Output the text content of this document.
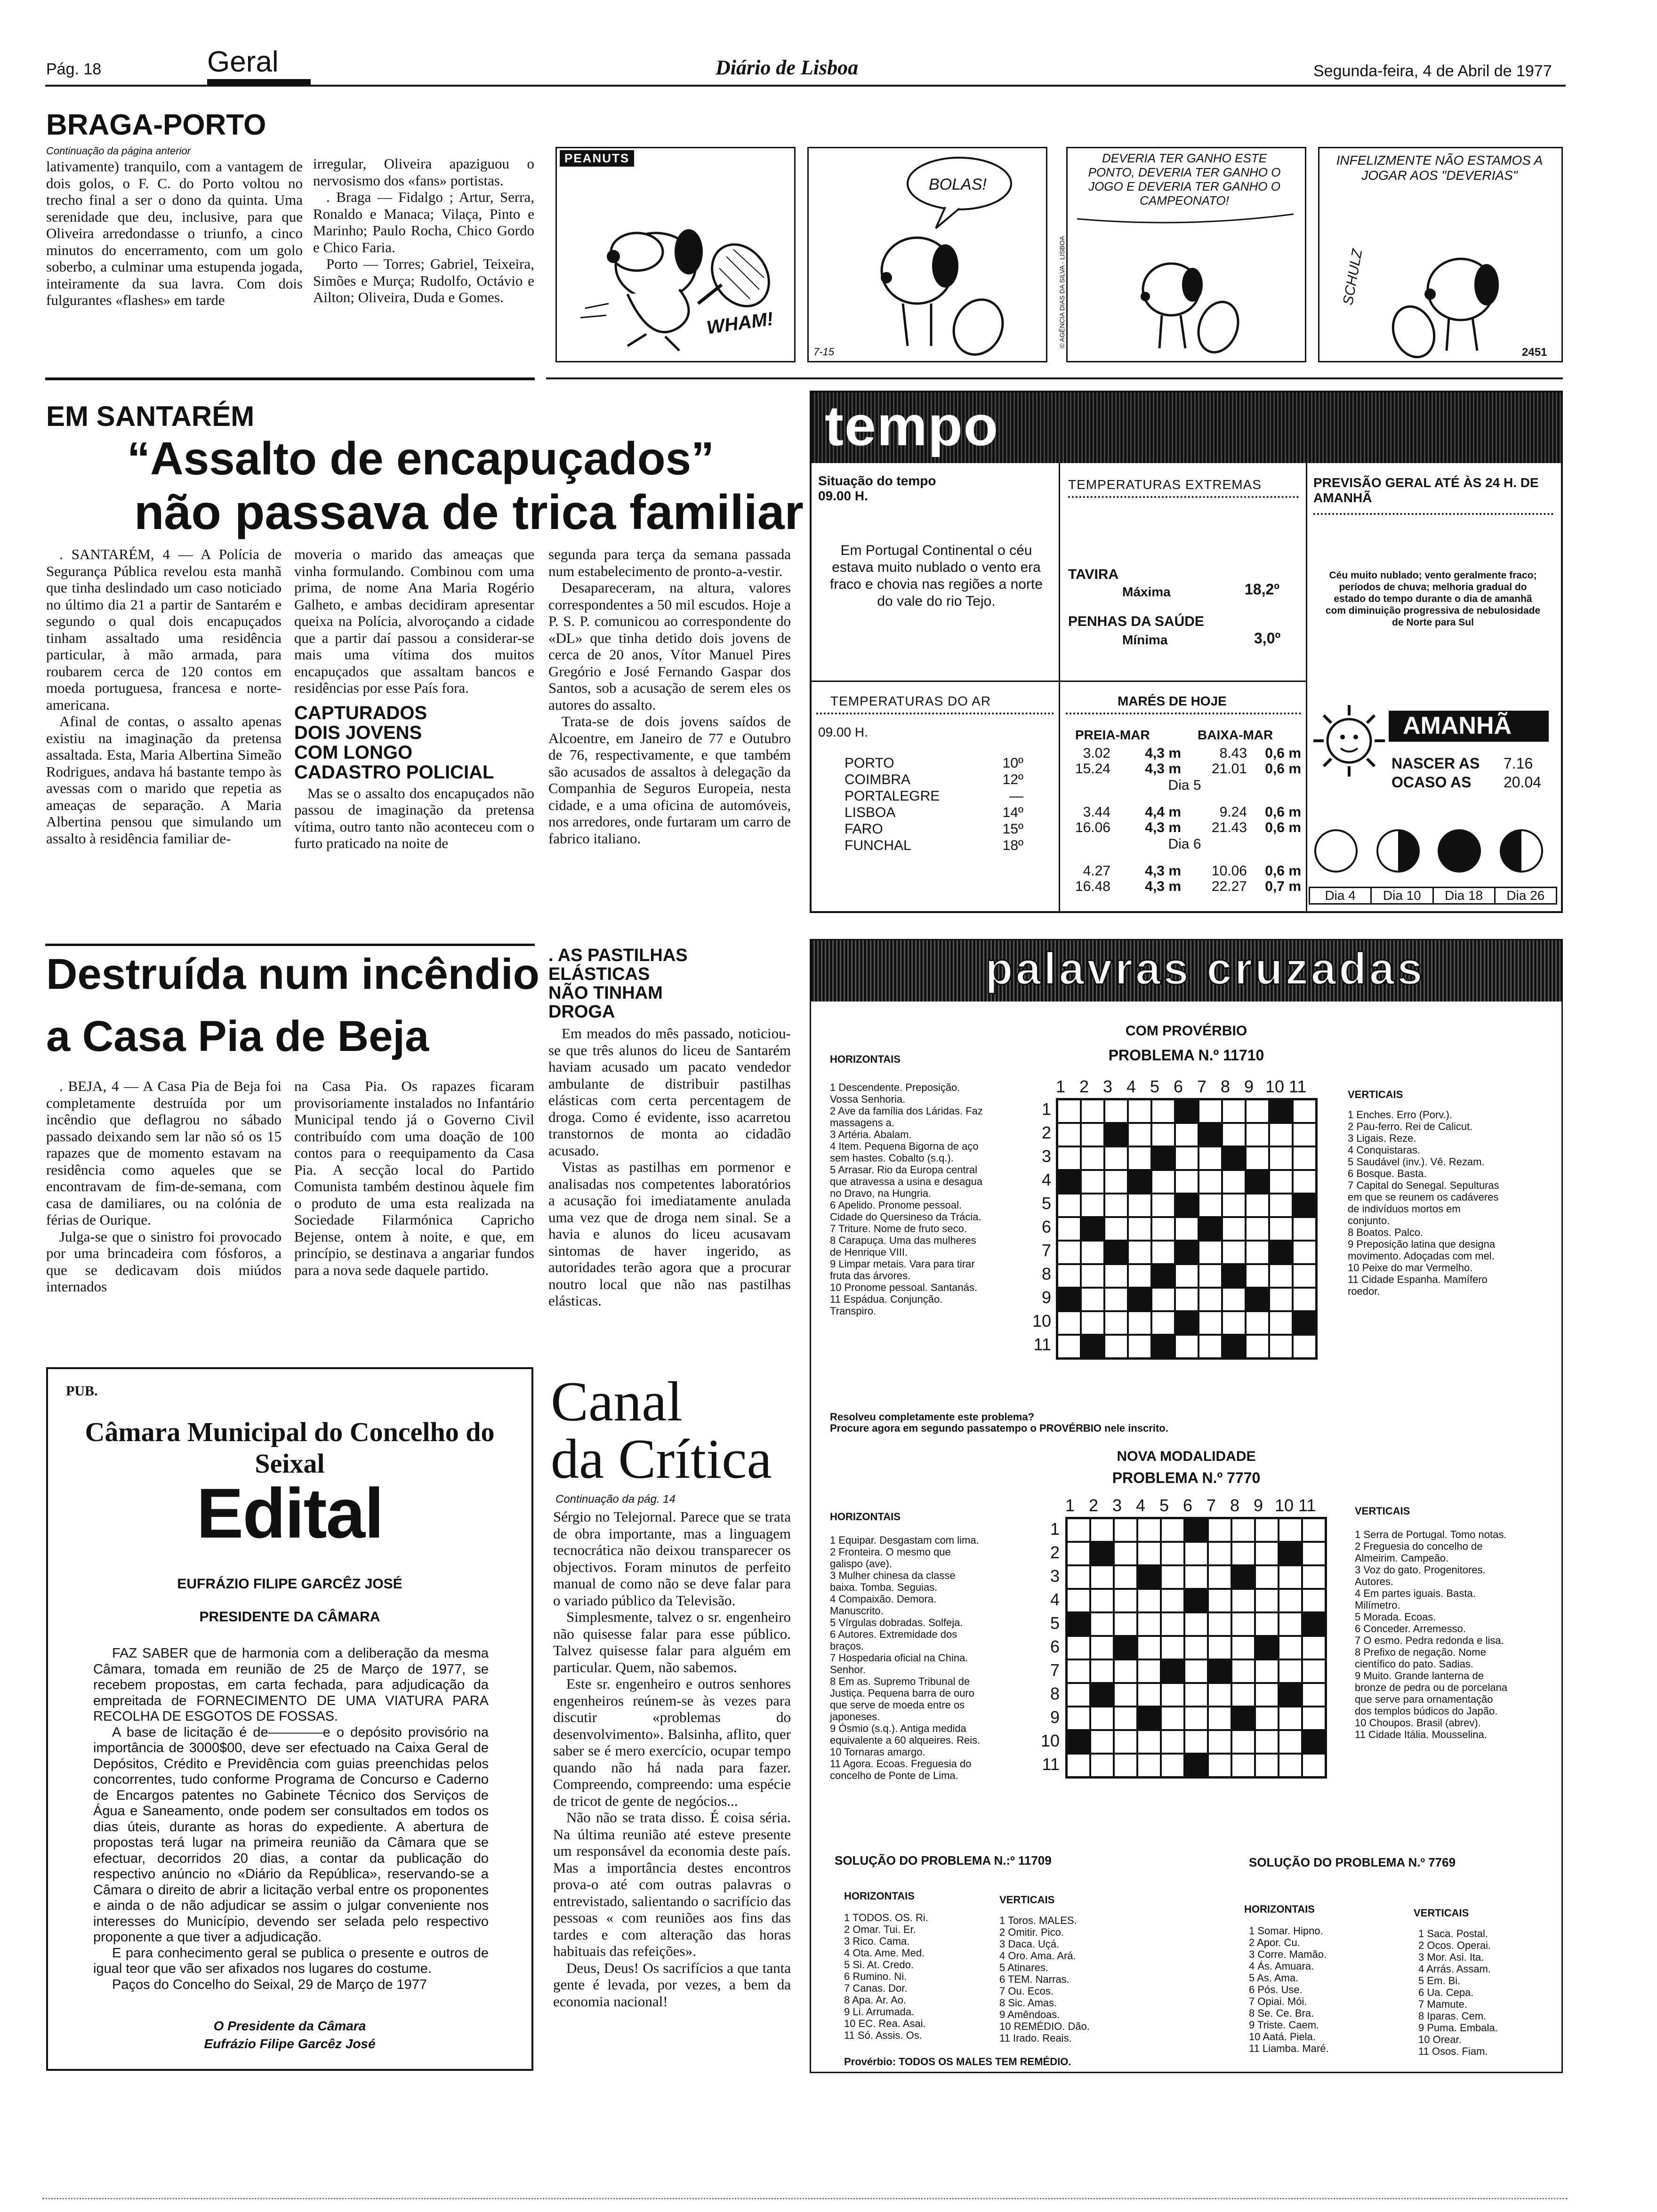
Pág. 18	Geral	Diário de Lisboa	Segunda-feira, 4 de Abril de 1977
BRAGA-PORTO
Continuação da página anterior

lativamente) tranquilo, com a vantagem de dois golos, o F. C. do Porto voltou no trecho final a ser o dono da quinta. Uma serenidade que deu, inclusive, para que Oliveira arredondasse o triunfo, a cinco minutos do encerramento, com um golo soberbo, a culminar uma estupenda jogada, inteiramente da sua lavra. Com dois fulgurantes «flashes» em tarde

irregular, Oliveira apaziguou o nervosismo dos «fans» portistas.

. Braga — Fidalgo ; Artur, Serra, Ronaldo e Manaca; Vilaça, Pinto e Marinho; Paulo Rocha, Chico Gordo e Chico Faria.

Porto — Torres; Gabriel, Teixeira, Simões e Murça; Rudolfo, Octávio e Ailton; Oliveira, Duda e Gomes.

PEANUTS
WHAM!
BOLAS!
7-15
© AGÊNCIA DIAS DA SILVA - LISBOA
DEVERIA TER GANHO ESTE PONTO, DEVERIA TER GANHO O JOGO E DEVERIA TER GANHO O CAMPEONATO!
INFELIZMENTE NÃO ESTAMOS A JOGAR AOS "DEVERIAS"
SCHULZ
2451
EM SANTARÉM
“Assalto de encapuçados”
não passava de trica familiar

. SANTARÉM, 4 — A Polícia de Segurança Pública revelou esta manhã que tinha deslindado um caso noticiado no último dia 21 a partir de Santarém e segundo o qual dois encapuçados tinham assaltado uma residência particular, à mão armada, para roubarem cerca de 120 contos em moeda portuguesa, francesa e norte-americana.

Afinal de contas, o assalto apenas existiu na imaginação da pretensa assaltada. Esta, Maria Albertina Simeão Rodrigues, andava há bastante tempo às avessas com o marido que repetia as ameaças de separação. A Maria Albertina pensou que simulando um assalto à residência familiar de-

moveria o marido das ameaças que vinha formulando. Combinou com uma prima, de nome Ana Maria Rogério Galheto, e ambas decidiram apresentar queixa na Polícia, alvoroçando a cidade que a partir daí passou a considerar-se mais uma vítima dos muitos encapuçados que assaltam bancos e residências por esse País fora.

CAPTURADOS
DOIS JOVENS
COM LONGO
CADASTRO POLICIAL

Mas se o assalto dos encapuçados não passou de imaginação da pretensa vítima, outro tanto não aconteceu com o furto praticado na noite de

segunda para terça da semana passada num estabelecimento de pronto-a-vestir.

Desapareceram, na altura, valores correspondentes a 50 mil escudos. Hoje a P. S. P. comunicou ao correspondente do «DL» que tinha detido dois jovens de cerca de 20 anos, Vítor Manuel Pires Gregório e José Fernando Gaspar dos Santos, sob a acusação de serem eles os autores do assalto.

Trata-se de dois jovens saídos de Alcoentre, em Janeiro de 77 e Outubro de 76, respectivamente, e que também são acusados de assaltos à delegação da Companhia de Seguros Europeia, nesta cidade, e a uma oficina de automóveis, nos arredores, onde furtaram um carro de fabrico italiano.

Destruída num incêndio
a Casa Pia de Beja

. BEJA, 4 — A Casa Pia de Beja foi completamente destruída por um incêndio que deflagrou no sábado passado deixando sem lar não só os 15 rapazes que de momento estavam na residência como aqueles que se encontravam de fim-de-semana, com casa de damiliares, ou na colónia de férias de Ourique.

Julga-se que o sinistro foi provocado por uma brincadeira com fósforos, a que se dedicavam dois miúdos internados

na Casa Pia. Os rapazes ficaram provisoriamente instalados no Infantário Municipal tendo já o Governo Civil contribuído com uma doação de 100 contos para o reequipamento da Casa Pia. A secção local do Partido Comunista também destinou àquele fim o produto de uma esta realizada na Sociedade Filarmónica Capricho Bejense, ontem à noite, e que, em princípio, se destinava a angariar fundos para a nova sede daquele partido.

. AS PASTILHAS
ELÁSTICAS
NÃO TINHAM
DROGA

Em meados do mês passado, noticiou-se que três alunos do liceu de Santarém haviam acusado um pacato vendedor ambulante de distribuir pastilhas elásticas com certa percentagem de droga. Como é evidente, isso acarretou transtornos de monta ao cidadão acusado.

Vistas as pastilhas em pormenor e analisadas nos competentes laboratórios a acusação foi imediatamente anulada uma vez que de droga nem sinal. Se a havia e alunos do liceu acusavam sintomas de haver ingerido, as autoridades terão agora que a procurar noutro local que não nas pastilhas elásticas.

PUB.
Câmara Municipal do Concelho do Seixal
Edital
EUFRÁZIO FILIPE GARCÊZ JOSÉ
PRESIDENTE DA CÂMARA

FAZ SABER que de harmonia com a deliberação da mesma Câmara, tomada em reunião de 25 de Março de 1977, se recebem propostas, em carta fechada, para adjudicação da empreitada de FORNECIMENTO DE UMA VIATURA PARA RECOLHA DE ESGOTOS DE FOSSAS.

A base de licitação é de————e o depósito provisório na importância de 3000$00, deve ser efectuado na Caixa Geral de Depósitos, Crédito e Previdência com guias preenchidas pelos concorrentes, tudo conforme Programa de Concurso e Caderno de Encargos patentes no Gabinete Técnico dos Serviços de Água e Saneamento, onde podem ser consultados em todos os dias úteis, durante as horas do expediente. A abertura de propostas terá lugar na primeira reunião da Câmara que se efectuar, decorridos 20 dias, a contar da publicação do respectivo anúncio no «Diário da República», reservando-se a Câmara o direito de abrir a licitação verbal entre os proponentes e ainda o de não adjudicar se assim o julgar conveniente nos interesses do Município, devendo ser selada pelo respectivo proponente a que tiver a adjudicação.

E para conhecimento geral se publica o presente e outros de igual teor que vão ser afixados nos lugares do costume.

Paços do Concelho do Seixal, 29 de Março de 1977

O Presidente da Câmara
Eufrázio Filipe Garcêz José
Canal
da Crítica
Continuação da pág. 14

Sérgio no Telejornal. Parece que se trata de obra importante, mas a linguagem tecnocrática não deixou transparecer os objectivos. Foram minutos de perfeito manual de como não se deve falar para o variado público da Televisão.

Simplesmente, talvez o sr. engenheiro não quisesse falar para esse público. Talvez quisesse falar para alguém em particular. Quem, não sabemos.

Este sr. engenheiro e outros senhores engenheiros reúnem-se às vezes para discutir «problemas do desenvolvimento». Balsinha, aflito, quer saber se é mero exercício, ocupar tempo quando não há nada para fazer. Compreendo, compreendo: uma espécie de tricot de gente de negócios...

Não não se trata disso. É coisa séria. Na última reunião até esteve presente um responsável da economia deste país. Mas a importância destes encontros prova-o até com outras palavras o entrevistado, salientando o sacrifício das pessoas « com reuniões aos fins das tardes e com alteração das horas habituais das refeições».

Deus, Deus! Os sacrifícios a que tanta gente é levada, por vezes, a bem da economia nacional!

tempo
Situação do tempo
09.00 H.
Em Portugal Continental o céu estava muito nublado o vento era fraco e chovia nas regiões a norte do vale do rio Tejo.
TEMPERATURAS EXTREMAS
TAVIRA
Máxima	18,2º
PENHAS DA SAÚDE
Mínima	3,0º
PREVISÃO GERAL ATÉ ÀS 24 H. DE AMANHÃ
Céu muito nublado; vento geralmente fraco; períodos de chuva; melhoria gradual do estado do tempo durante o dia de amanhã com diminuição progressiva de nebulosidade de Norte para Sul
TEMPERATURAS DO AR
09.00 H.
PORTO	10º
COIMBRA	12º
PORTALEGRE	—
LISBOA	14º
FARO	15º
FUNCHAL	18º
MARÉS DE HOJE
PREIA-MAR	BAIXA-MAR
3.02	4,3 m	8.43	0,6 m
15.24	4,3 m	21.01	0,6 m
Dia 5
3.44	4,4 m	9.24	0,6 m
16.06	4,3 m	21.43	0,6 m
Dia 6
4.27	4,3 m	10.06	0,6 m
16.48	4,3 m	22.27	0,7 m
AMANHÃ
NASCER AS 7.16
OCASO AS 20.04
Dia 4	Dia 10	Dia 18	Dia 26
palavras cruzadas
COM PROVÉRBIO
PROBLEMA N.º 11710
HORIZONTAIS
VERTICAIS
1 Descendente. Preposição. Vossa Senhoria.
2 Ave da família dos Láridas. Faz massagens a.
3 Artéria. Abalam.
4 Item. Pequena Bigorna de aço sem hastes. Cobalto (s.q.).
5 Arrasar. Rio da Europa central que atravessa a usina e desagua no Dravo, na Hungria.
6 Apelido. Pronome pessoal. Cidade do Quersineso da Trácia.
7 Triture. Nome de fruto seco.
8 Carapuça. Uma das mulheres de Henrique VIII.
9 Limpar metais. Vara para tirar fruta das árvores.
10 Pronome pessoal. Santanás.
11 Espádua. Conjunção. Transpiro.
1 Enches. Erro (Porv.).
2 Pau-ferro. Rei de Calicut.
3 Ligais. Reze.
4 Conquistaras.
5 Saudável (inv.). Vê. Rezam.
6 Bosque. Basta.
7 Capital do Senegal. Sepulturas em que se reunem os cadáveres de indivíduos mortos em conjunto.
8 Boatos. Palco.
9 Preposição latina que designa movimento. Adoçadas com mel.
10 Peixe do mar Vermelho.
11 Cidade Espanha. Mamífero roedor.
1 2 3 4 5 6 7 8 9 10 11
1
2
3
4
5
6
7
8
9
10
11
Resolveu completamente este problema?
Procure agora em segundo passatempo o PROVÉRBIO nele inscrito.
NOVA MODALIDADE
PROBLEMA N.º 7770
HORIZONTAIS	VERTICAIS
1 Equipar. Desgastam com lima.
2 Fronteira. O mesmo que galispo (ave).
3 Mulher chinesa da classe baixa. Tomba. Seguias.
4 Compaixão. Demora. Manuscrito.
5 Vírgulas dobradas. Solfeja.
6 Autores. Extremidade dos braços.
7 Hospedaria oficial na China. Senhor.
8 Em as. Supremo Tribunal de Justiça. Pequena barra de ouro que serve de moeda entre os japoneses.
9 Ósmio (s.q.). Antiga medida equivalente a 60 alqueires. Reis.
10 Tornaras amargo.
11 Agora. Ecoas. Freguesia do concelho de Ponte de Lima.
1 Serra de Portugal. Tomo notas.
2 Freguesia do concelho de Almeirim. Campeão.
3 Voz do gato. Progenitores. Autores.
4 Em partes iguais. Basta. Milímetro.
5 Morada. Ecoas.
6 Conceder. Arremesso.
7 O esmo. Pedra redonda e lisa.
8 Prefixo de negação. Nome científico do pato. Sadias.
9 Muito. Grande lanterna de bronze de pedra ou de porcelana que serve para ornamentação dos templos búdicos do Japão.
10 Choupos. Brasil (abrev).
11 Cidade Itália. Mousselina.
1 2 3 4 5 6 7 8 9 10 11
1
2
3
4
5
6
7
8
9
10
11
SOLUÇÃO DO PROBLEMA N.:º 11709	SOLUÇÃO DO PROBLEMA N.º 7769
HORIZONTAIS	VERTICAIS
HORIZONTAIS	VERTICAIS
1 TODOS. OS. Ri.
2 Omar. Tui. Er.
3 Rico. Cama.
4 Ota. Ame. Med.
5 Si. At. Credo.
6 Rumino. Ni.
7 Canas. Dor.
8 Apa. Ar. Ao.
9 Li. Arrumada.
10 EC. Rea. Asai.
11 Só. Assis. Os.
1 Toros. MALES.
2 Omitir. Pico.
3 Daca. Uçá.
4 Oro. Ama. Ará.
5 Atinares.
6 TEM. Narras.
7 Ou. Ecos.
8 Sic. Amas.
9 Amêndoas.
10 REMÉDIO. Dão.
11 Irado. Reais.
1 Somar. Hipno.
2 Apor. Cu.
3 Corre. Mamão.
4 Ás. Amuara.
5 As. Ama.
6 Pós. Use.
7 Opiai. Mói.
8 Se. Ce. Bra.
9 Triste. Caem.
10 Aatá. Piela.
11 Liamba. Maré.
1 Saca. Postal.
2 Ocos. Operai.
3 Mor. Asi. Ita.
4 Arrás. Assam.
5 Em. Bi.
6 Ua. Cepa.
7 Mamute.
8 Iparas. Cem.
9 Puma. Embala.
10 Orear.
11 Osos. Fiam.
Provérbio: TODOS OS MALES TEM REMÉDIO.
